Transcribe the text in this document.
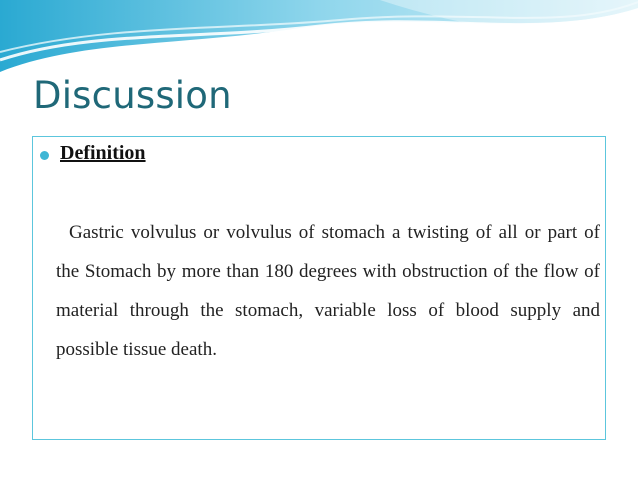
Discussion
Definition

Gastric volvulus or volvulus of stomach a twisting of all or part of the Stomach by more than 180 degrees with obstruction of the flow of material through the stomach, variable loss of blood supply and possible tissue death.
